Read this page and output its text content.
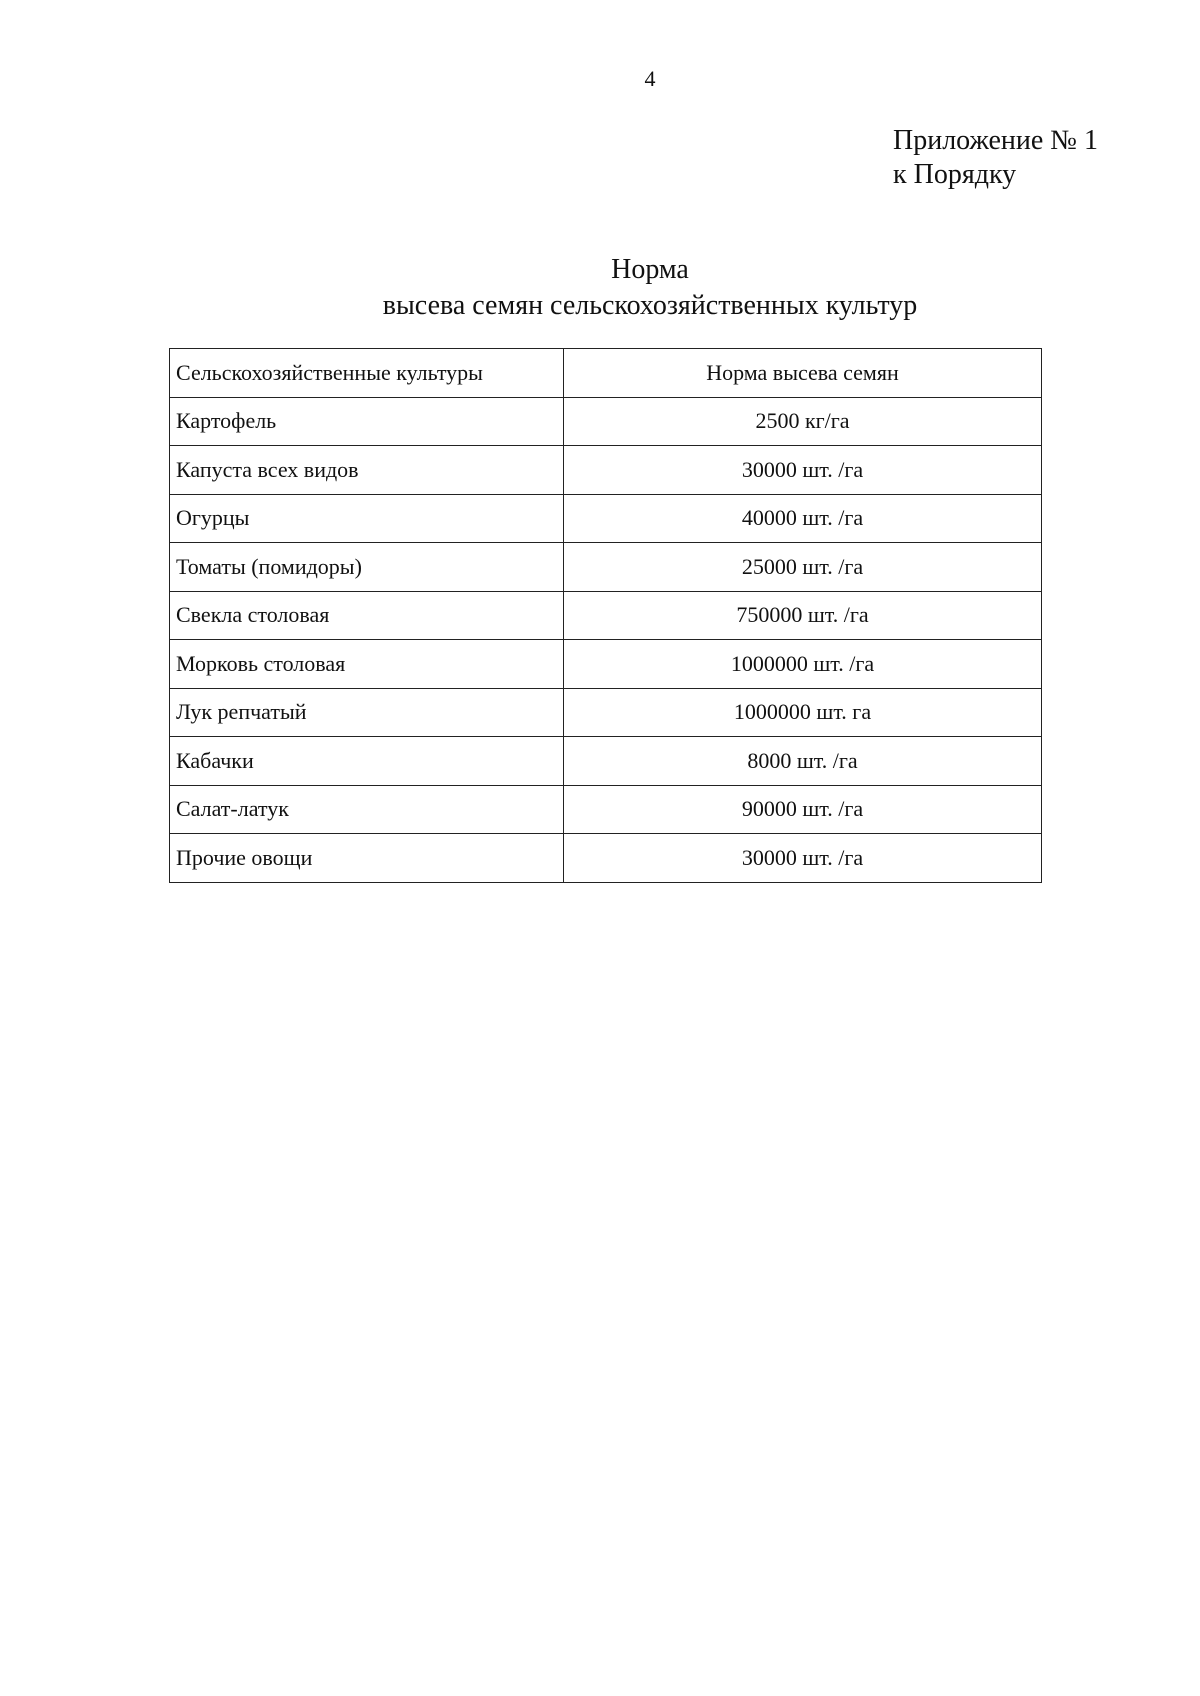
4
Приложение № 1
к Порядку
Норма
высева семян сельскохозяйственных культур
Сельскохозяйственные культуры	Норма высева семян
Картофель	2500 кг/га
Капуста всех видов	30000 шт. /га
Огурцы	40000 шт. /га
Томаты (помидоры)	25000 шт. /га
Свекла столовая	750000 шт. /га
Морковь столовая	1000000 шт. /га
Лук репчатый	1000000 шт. га
Кабачки	8000 шт. /га
Салат-латук	90000 шт. /га
Прочие овощи	30000 шт. /га
